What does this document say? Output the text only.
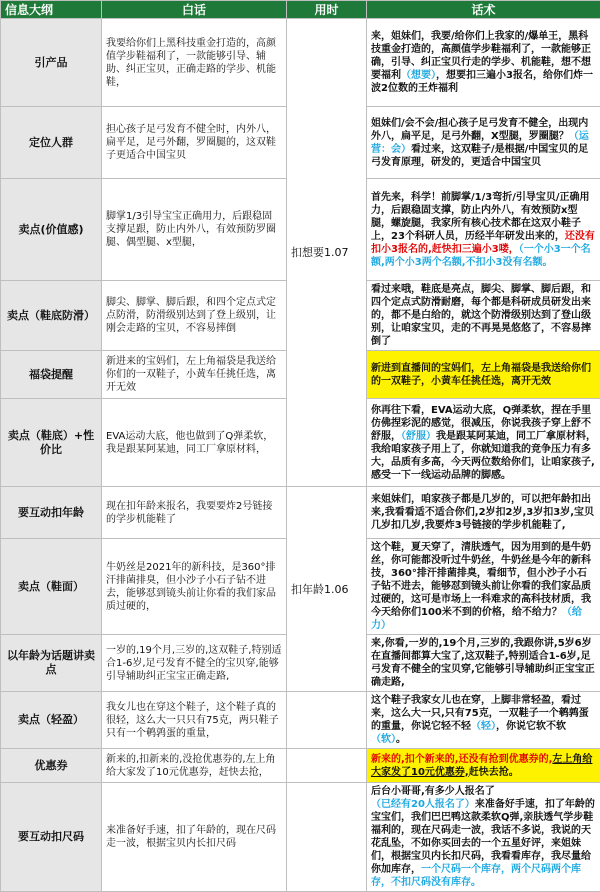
信息大纲	白话	用时	话术
引产品	我要给你们上黑科技重金打造的，高颜值学步鞋福利了，一款能够引导、辅助、纠正宝贝，正确走路的学步、机能鞋，	扣想要1.07	来，姐妹们，我要/给你们上我家的/爆单王，黑科技重金打造的，高颜值学步鞋福利了，一款能够正确，引导、纠正宝贝行走的学步、机能鞋，想不想要福利（想要），想要扣三遍小3报名，给你们炸一波2位数的王炸福利
定位人群	担心孩子足弓发育不健全时，内外八，扁平足，足弓外翻，罗圈腿的，这双鞋子更适合中国宝贝		姐妹们/会不会/担心孩子足弓发育不健全，出现内外八，扁平足，足弓外翻，X型腿，罗圈腿？（运营：会）看过来，这双鞋子/是根据/中国宝贝的足弓发育原理，研发的，更适合中国宝贝
卖点(价值感)	脚掌1/3引导宝宝正确用力，后跟稳固支撑足跟，防止内外八，有效预防罗圈腿、偶型腿、x型腿，		首先来，科学！前脚掌/1/3弯折/引导宝贝/正确用力，后跟稳固支撑，防止内外八，有效预防x型腿，螺旋腿，我家所有核心技术都在这双小鞋子上，23个科研人员，历经半年研发出来的，还没有扣小3报名的,赶快扣三遍小3喽，（一个小3一个名额,两个小3两个名额,不扣小3没有名额。
卖点（鞋底防滑）	脚尖、脚掌、脚后跟，和四个定点式定点防滑，防滑级别达到了登上级别，让刚会走路的宝贝，不容易摔倒		看过来哦，鞋底是亮点，脚尖、脚掌、脚后跟，和四个定点式防滑耐磨，每个都是科研成员研发出来的，都不是白给的，就这个防滑级别达到了登山级别，让咱家宝贝，走的不再晃晃悠悠了，不容易摔倒了
福袋提醒	新进来的宝妈们，左上角福袋是我送给你们的一双鞋子，小黄车任挑任选，离开无效		新进到直播间的宝妈们，左上角福袋是我送给你们的一双鞋子，小黄车任挑任选，离开无效
卖点（鞋底）+性价比	EVA运动大底，他也做到了Q弹柔软，我是跟某阿某迪，同工厂拿原材料，		你再往下看，EVA运动大底，Q弹柔软，捏在手里仿佛捏彩泥的感觉，很减压，你说我孩子穿上舒不舒服，（舒服）我是跟某阿某迪，同工厂拿原材料，我给咱家孩子用上了，你就知道我的竞争压力有多大，品质有多高，今天两位数给你们，让咱家孩子,感受一下一线运动品牌的脚感。
要互动扣年龄	现在扣年龄来报名，我要要炸2号链接的学步机能鞋了	扣年龄1.06	来姐妹们，咱家孩子都是几岁的，可以把年龄扣出来,我看看适不适合你们,2岁扣2岁,3岁扣3岁,宝贝几岁扣几岁,我要炸3号链接的学步机能鞋了,
卖点（鞋面）	牛奶丝是2021年的新科技，是360°排汗排菌排臭，但小沙子小石子钻不进去，能够怼到镜头前让你看的我们家品质过硬的，		这个鞋，夏天穿了，清肤透气，因为用到的是牛奶丝，你可能都没听过牛奶丝，牛奶丝是今年的新科技，360°排汗排菌排臭，看细节，但小沙子小石子钻不进去，能够怼到镜头前让你看的我们家品质过硬的，这可是市场上一科难求的高科技材质，我今天给你们100米不到的价格，给不给力？（给力）
以年龄为话题讲卖点	一岁的,19个月,三岁的,这双鞋子,特别适合1-6岁,足弓发育不健全的宝贝穿,能够引导辅助纠正宝宝正确走路,		来,你看,一岁的,19个月,三岁的,我跟你讲,5岁6岁在直播间都算大宝了,这双鞋子,特别适合1-6岁,足弓发育不健全的宝贝穿,它能够引导辅助纠正宝宝正确走路,
卖点（轻盈）	我女儿也在穿这个鞋子，这个鞋子真的很轻，这么大一只只有75克，两只鞋子只有一个鹌鹑蛋的重量，		这个鞋子我家女儿也在穿，上脚非常轻盈，看过来，这么大一只,只有75克，一双鞋子一个鹌鹑蛋的重量，你说它轻不轻（轻），你说它软不软（软）。
优惠券	新来的,扣新来的,没抢优惠券的,左上角给大家发了10元优惠券，赶快去抢，		新来的,扣个新来的,还没有抢到优惠券的,左上角给大家发了10元优惠券,赶快去抢。
要互动扣尺码	来准备好手速，扣了年龄的，现在尺码走一波，根据宝贝内长扣尺码		后台小哥哥,有多少人报名了（已经有20人报名了）来准备好手速，扣了年龄的宝宝们，我们巴巴鸭这款柔软Q弹,亲肤透气学步鞋福利的，现在尺码走一波，我话不多说，我说的天花乱坠，不如你买回去的一个五星好评，来姐妹们，根据宝贝内长扣尺码，我看看库存，我尽量给你加库存，一个尺码一个库存，两个尺码两个库存，不扣尺码没有库存。
